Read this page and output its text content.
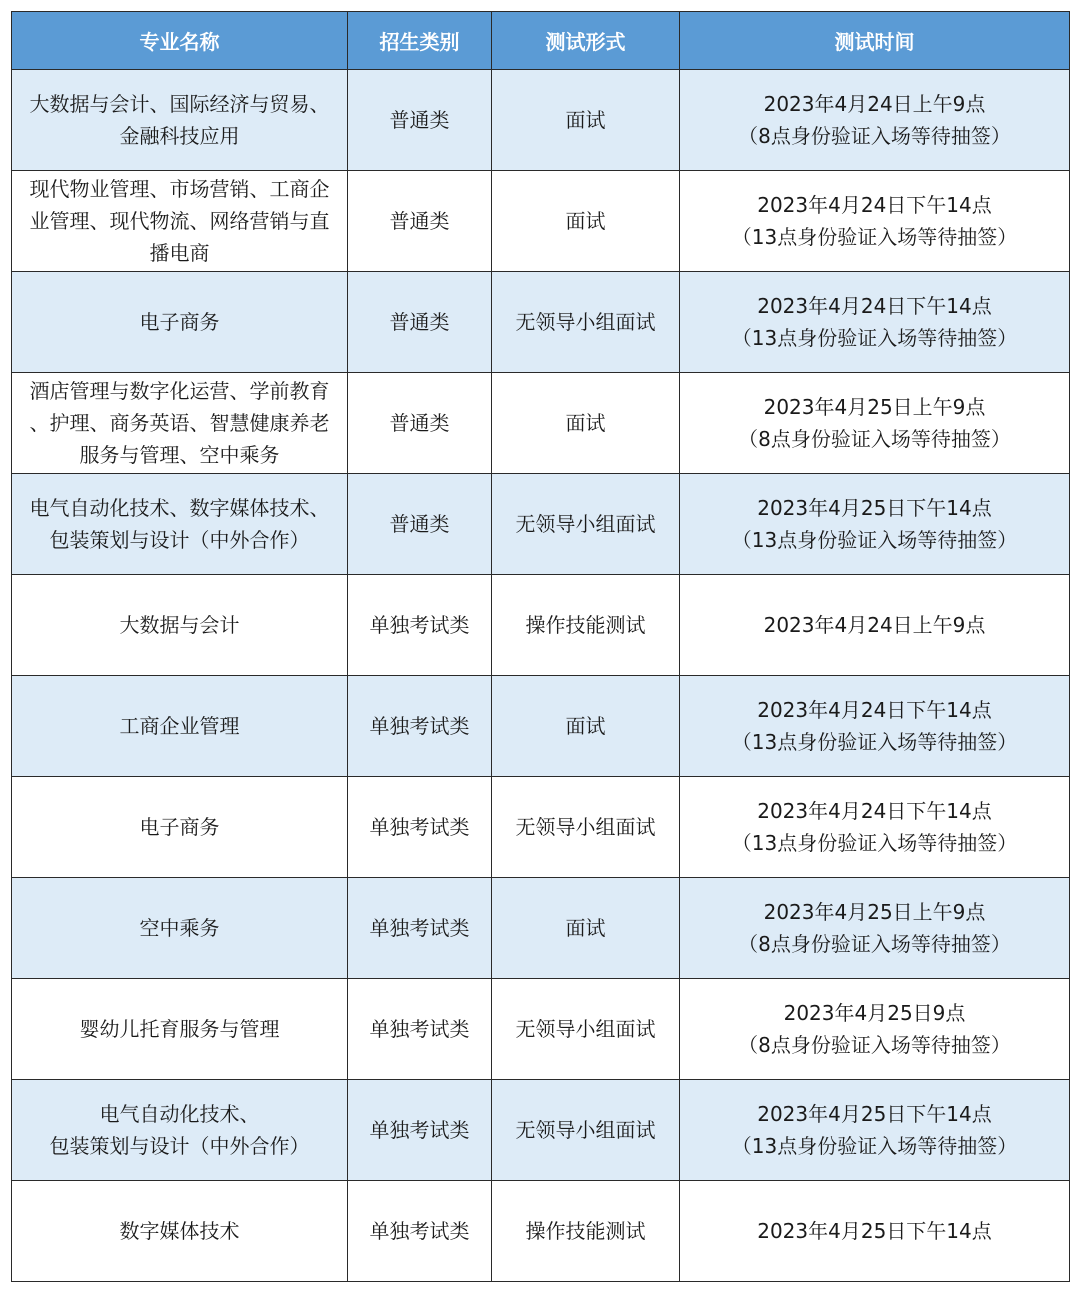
专业名称	招生类别	测试形式	测试时间

大数据与会计、国际经济与贸易、
金融科技应用	普通类	面试	2023年4月24日上午9点
（8点身份验证入场等待抽签）

现代物业管理、市场营销、工商企
业管理、现代物流、网络营销与直
播电商	普通类	面试	2023年4月24日下午14点
（13点身份验证入场等待抽签）

电子商务	普通类	无领导小组面试	2023年4月24日下午14点
（13点身份验证入场等待抽签）

酒店管理与数字化运营、学前教育
、护理、商务英语、智慧健康养老
服务与管理、空中乘务	普通类	面试	2023年4月25日上午9点
（8点身份验证入场等待抽签）

电气自动化技术、数字媒体技术、
包装策划与设计（中外合作）	普通类	无领导小组面试	2023年4月25日下午14点
（13点身份验证入场等待抽签）

大数据与会计	单独考试类	操作技能测试	2023年4月24日上午9点

工商企业管理	单独考试类	面试	2023年4月24日下午14点
（13点身份验证入场等待抽签）

电子商务	单独考试类	无领导小组面试	2023年4月24日下午14点
（13点身份验证入场等待抽签）

空中乘务	单独考试类	面试	2023年4月25日上午9点
（8点身份验证入场等待抽签）

婴幼儿托育服务与管理	单独考试类	无领导小组面试	2023年4月25日9点
（8点身份验证入场等待抽签）

电气自动化技术、
包装策划与设计（中外合作）	单独考试类	无领导小组面试	2023年4月25日下午14点
（13点身份验证入场等待抽签）

数字媒体技术	单独考试类	操作技能测试	2023年4月25日下午14点
